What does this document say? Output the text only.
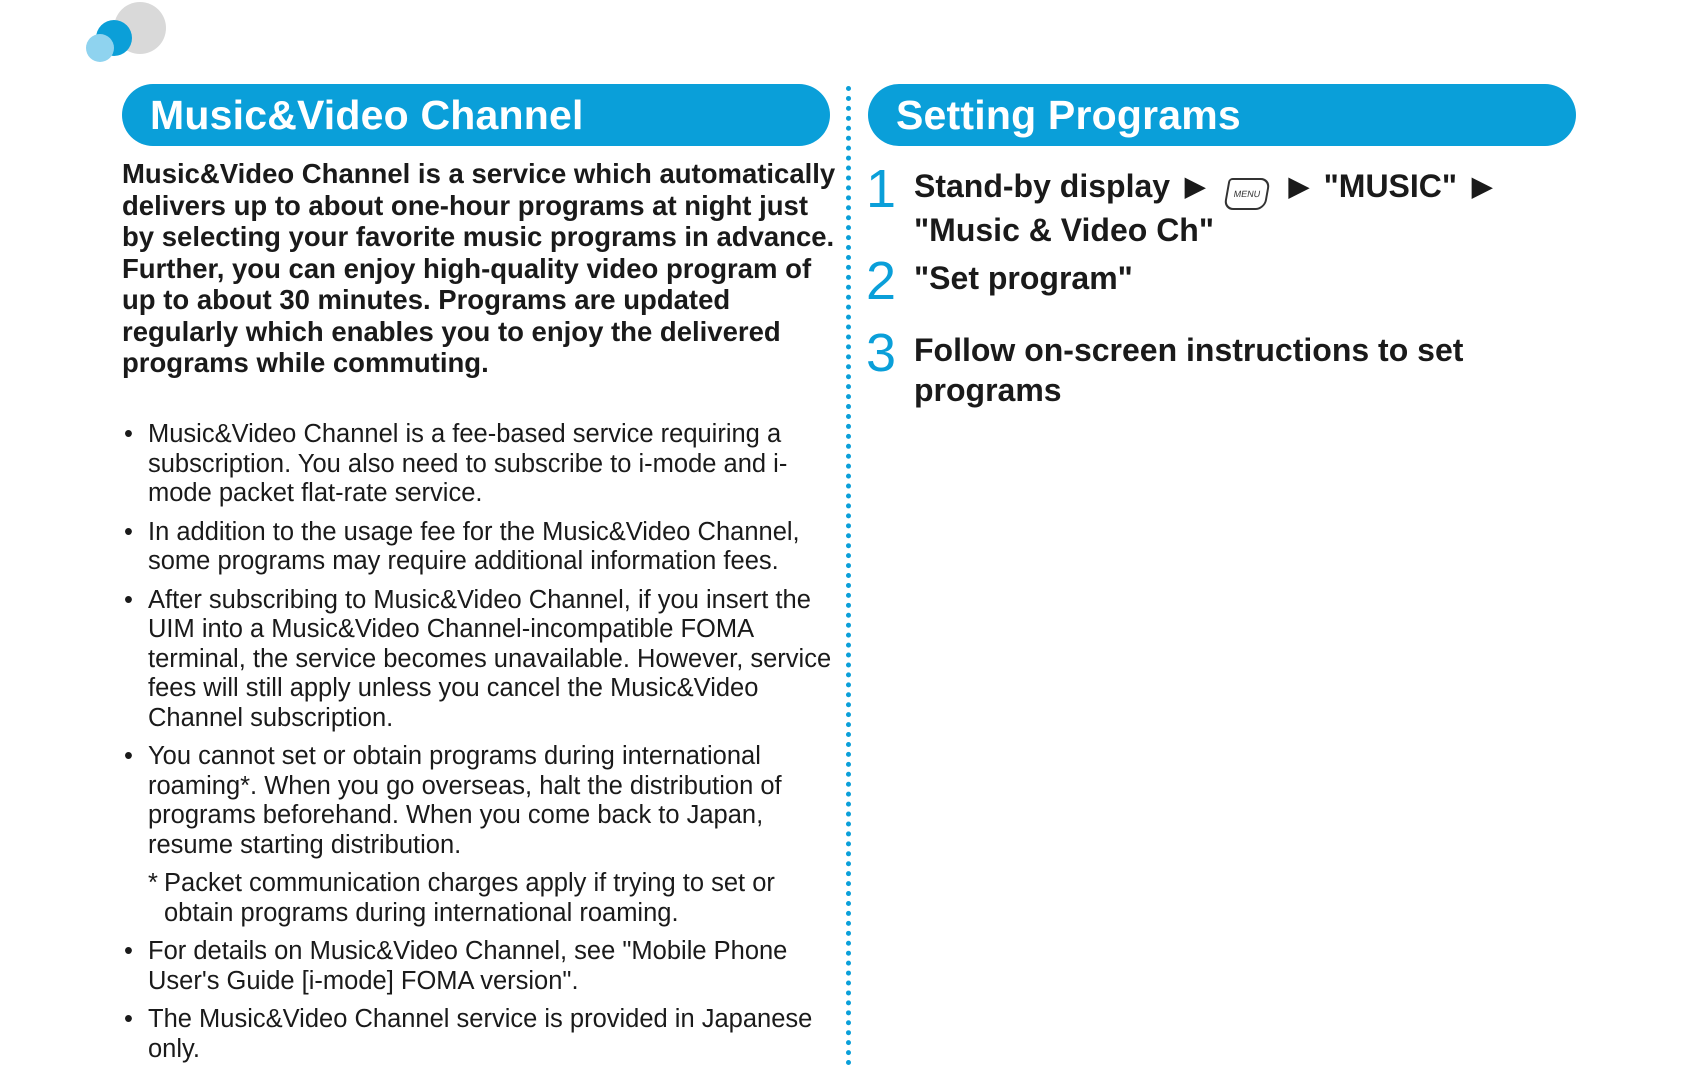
Music&Video Channel
Music&Video Channel is a service which automatically delivers up to about one-hour programs at night just by selecting your favorite music programs in advance. Further, you can enjoy high-quality video program of up to about 30 minutes. Programs are updated regularly which enables you to enjoy the delivered programs while commuting.
• Music&Video Channel is a fee-based service requiring a subscription. You also need to subscribe to i-mode and i-mode packet flat-rate service.
• In addition to the usage fee for the Music&Video Channel, some programs may require additional information fees.
• After subscribing to Music&Video Channel, if you insert the UIM into a Music&Video Channel-incompatible FOMA terminal, the service becomes unavailable. However, service fees will still apply unless you cancel the Music&Video Channel subscription.
• You cannot set or obtain programs during international roaming*. When you go overseas, halt the distribution of programs beforehand. When you come back to Japan, resume starting distribution.
* Packet communication charges apply if trying to set or obtain programs during international roaming.
• For details on Music&Video Channel, see "Mobile Phone User's Guide [i-mode] FOMA version".
• The Music&Video Channel service is provided in Japanese only.
Setting Programs
1 Stand-by display ▶	MENU ▶ "MUSIC" ▶
"Music & Video Ch"
2 "Set program"
3 Follow on-screen instructions to set programs
